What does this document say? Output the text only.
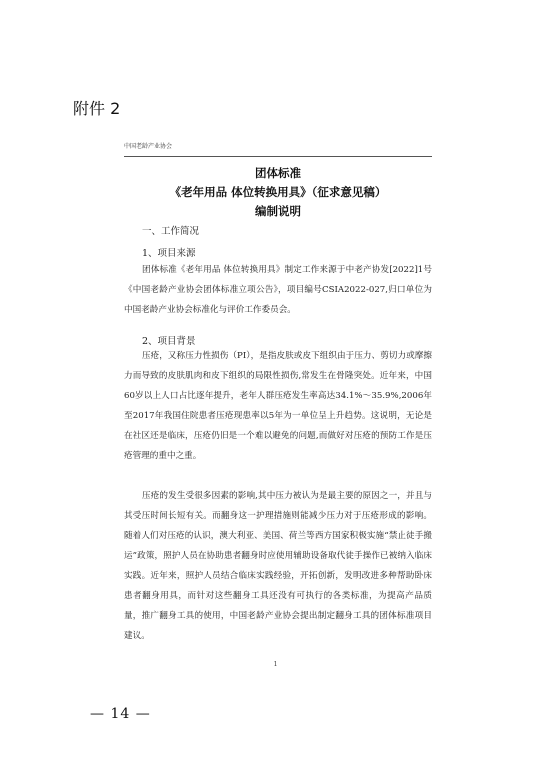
附件 2
中国老龄产业协会
团体标准
《老年用品 体位转换用具》（征求意见稿）
编制说明
一、工作简况
1、项目来源
团体标准《老年用品 体位转换用具》制定工作来源于中老产协发[2022]1号《中国老龄产业协会团体标准立项公告》，项目编号CSIA2022-027,归口单位为中国老龄产业协会标准化与评价工作委员会。
2、项目背景
压疮，又称压力性损伤（PI），是指皮肤或皮下组织由于压力、剪切力或摩擦力而导致的皮肤肌肉和皮下组织的局限性损伤,常发生在骨隆突处。近年来，中国60岁以上人口占比逐年提升，老年人群压疮发生率高达34.1%～35.9%,2006年至2017年我国住院患者压疮现患率以5年为一单位呈上升趋势。这说明，无论是在社区还是临床，压疮仍旧是一个难以避免的问题,而做好对压疮的预防工作是压疮管理的重中之重。
压疮的发生受很多因素的影响,其中压力被认为是最主要的原因之一，并且与其受压时间长短有关。而翻身这一护理措施则能减少压力对于压疮形成的影响。随着人们对压疮的认识，澳大利亚、美国、荷兰等西方国家积极实施“禁止徒手搬运”政策，照护人员在协助患者翻身时应使用辅助设备取代徒手操作已被纳入临床实践。近年来，照护人员结合临床实践经验，开拓创新，发明改进多种帮助卧床患者翻身用具，而针对这些翻身工具还没有可执行的各类标准，为提高产品质量，推广翻身工具的使用，中国老龄产业协会提出制定翻身工具的团体标准项目建议。
1
— 14 —
